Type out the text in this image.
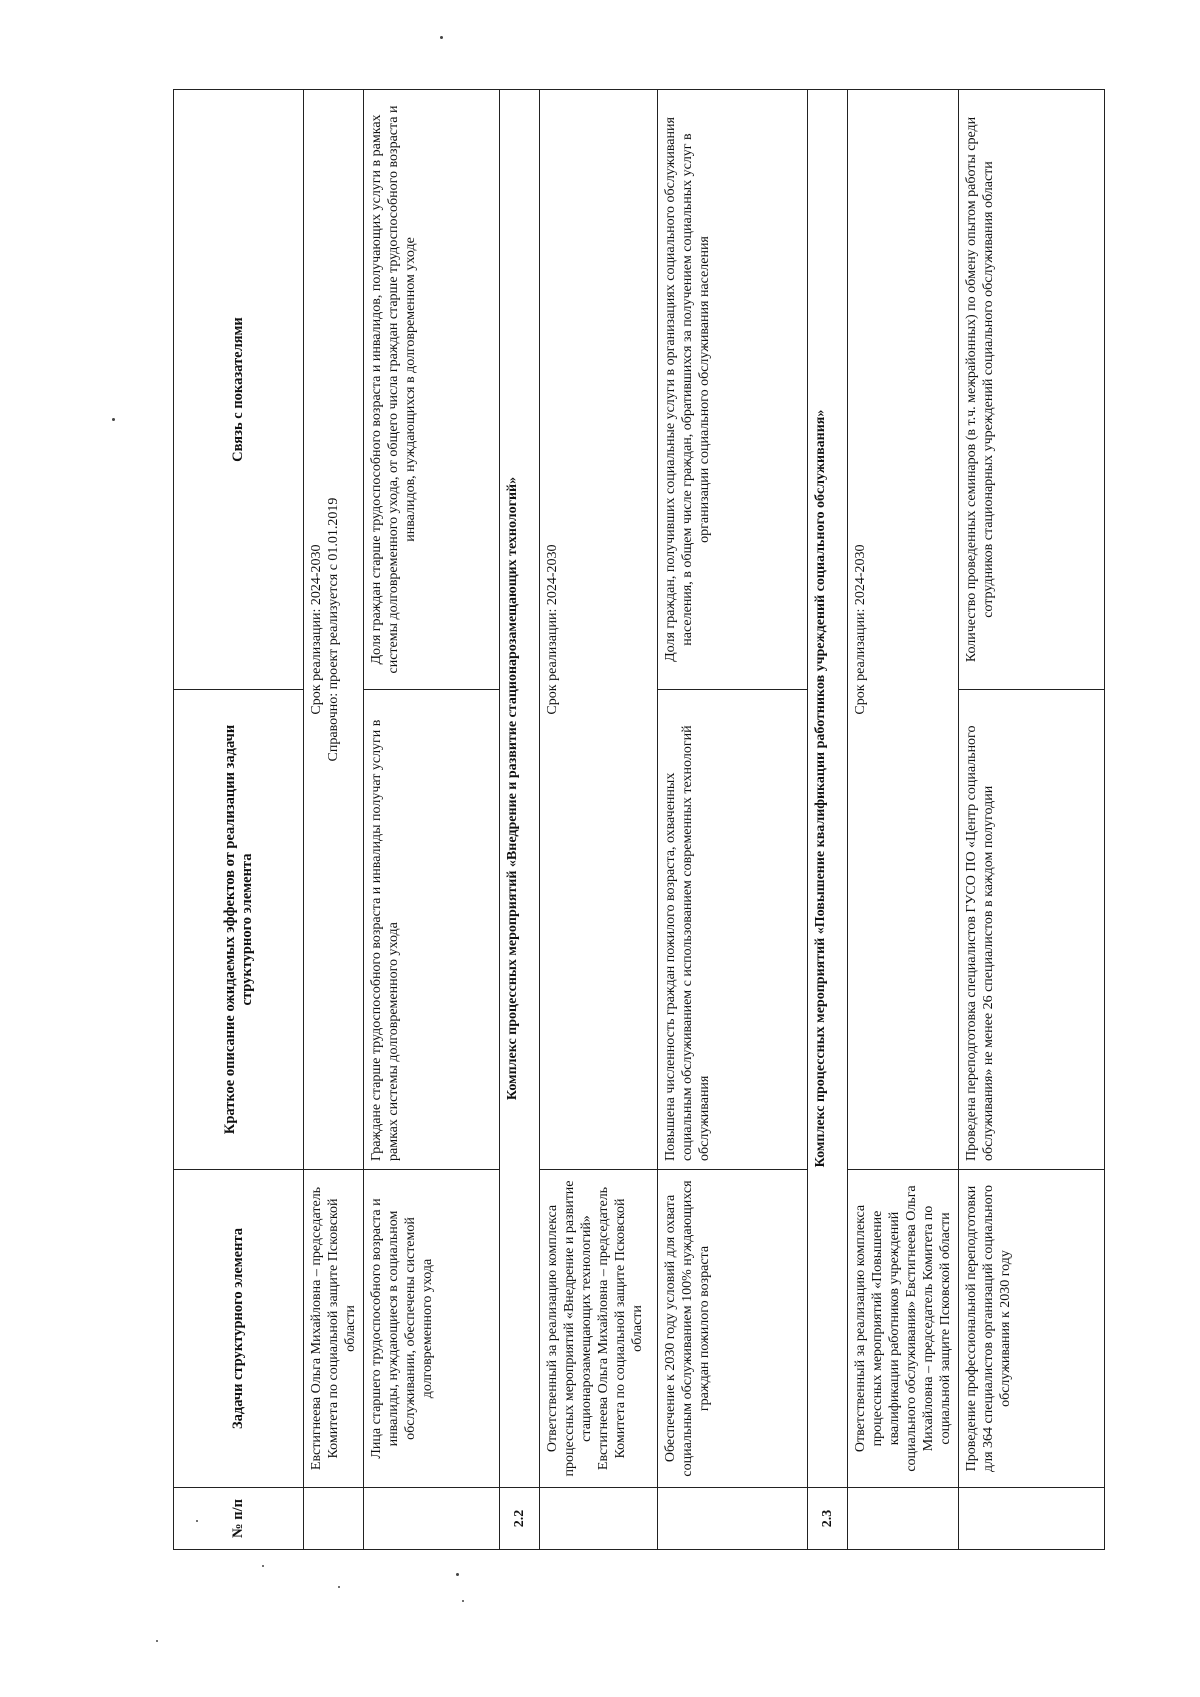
№ п/п	Задачи структурного элемента	Краткое описание ожидаемых эффектов от реализации задачи структурного элемента	Связь с показателями
	Евстигнеева Ольга Михайловна – председатель Комитета по социальной защите Псковской области	Срок реализации: 2024-2030 Справочно: проект реализуется с 01.01.2019	

	Лица старшего трудоспособного возраста и инвалиды, нуждающиеся в социальном обслуживании, обеспечены системой долговременного ухода	Граждане старше трудоспособного возраста и инвалиды получат услуги в рамках системы долговременного ухода	Доля граждан старше трудоспособного возраста и инвалидов, получающих услуги в рамках системы долговременного ухода, от общего числа граждан старше трудоспособного возраста и инвалидов, нуждающихся в долговременном уходе
2.2	Комплекс процессных мероприятий «Внедрение и развитие стационарозамещающих технологий»		
	Ответственный за реализацию комплекса процессных мероприятий «Внедрение и развитие стационарозамещающих технологий» Евстигнеева Ольга Михайловна – председатель Комитета по социальной защите Псковской области	Срок реализации: 2024-2030	
	Обеспечение к 2030 году условий для охвата социальным обслуживанием 100% нуждающихся граждан пожилого возраста	Повышена численность граждан пожилого возраста, охваченных социальным обслуживанием с использованием современных технологий обслуживания	Доля граждан, получивших социальные услуги в организациях социального обслуживания населения, в общем числе граждан, обратившихся за получением социальных услуг в организации социального обслуживания населения
2.3	Комплекс процессных мероприятий «Повышение квалификации работников учреждений социального обслуживания»		
	Ответственный за реализацию комплекса процессных мероприятий «Повышение квалификации работников учреждений социального обслуживания» Евстигнеева Ольга Михайловна – председатель Комитета по социальной защите Псковской области	Срок реализации: 2024-2030	
	Проведение профессиональной переподготовки для 364 специалистов организаций социального обслуживания к 2030 году	Проведена переподготовка специалистов ГУСО ПО «Центр социального обслуживания» не менее 26 специалистов в каждом полугодии	Количество проведенных семинаров (в т.ч. межрайонных) по обмену опытом работы среди сотрудников стационарных учреждений социального обслуживания области
